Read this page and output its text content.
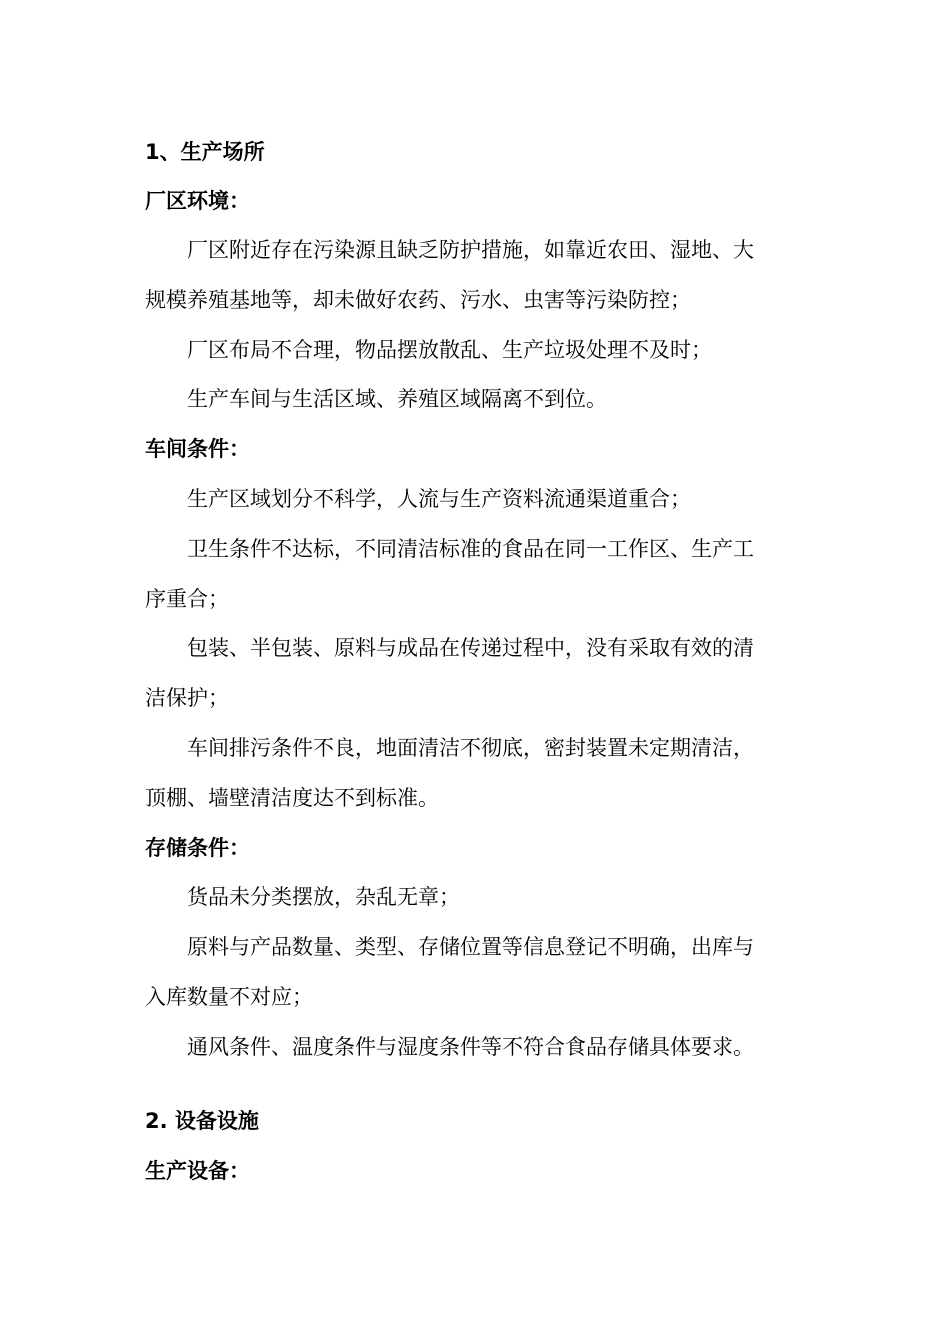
1、生产场所
厂区环境：
厂区附近存在污染源且缺乏防护措施，如靠近农田、湿地、大
规模养殖基地等，却未做好农药、污水、虫害等污染防控；
厂区布局不合理，物品摆放散乱、生产垃圾处理不及时；
生产车间与生活区域、养殖区域隔离不到位。
车间条件：
生产区域划分不科学，人流与生产资料流通渠道重合；
卫生条件不达标，不同清洁标准的食品在同一工作区、生产工
序重合；
包装、半包装、原料与成品在传递过程中，没有采取有效的清
洁保护；
车间排污条件不良，地面清洁不彻底，密封装置未定期清洁，
顶棚、墙壁清洁度达不到标准。
存储条件：
货品未分类摆放，杂乱无章；
原料与产品数量、类型、存储位置等信息登记不明确，出库与
入库数量不对应；
通风条件、温度条件与湿度条件等不符合食品存储具体要求。
2. 设备设施
生产设备：
